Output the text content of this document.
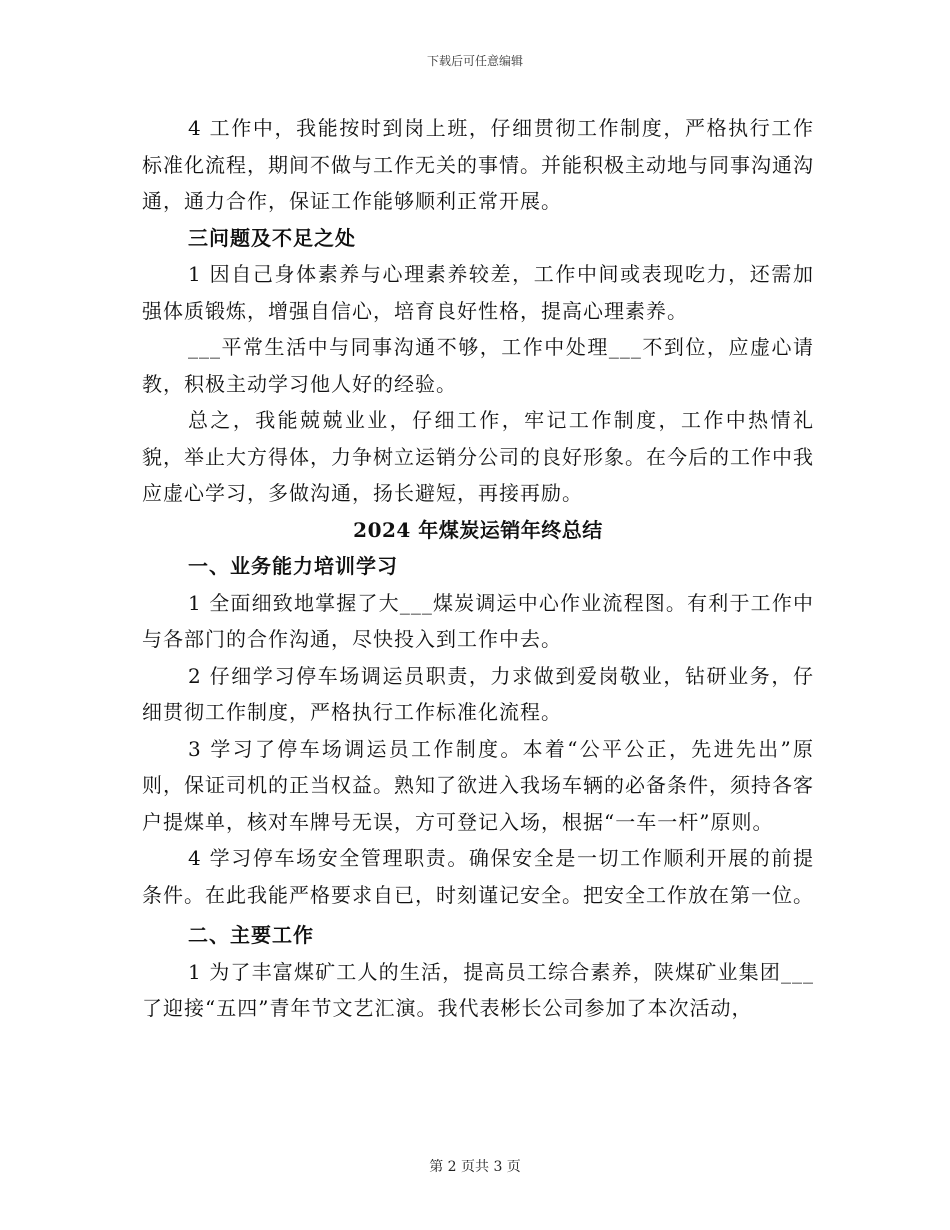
下载后可任意编辑

4 工作中，我能按时到岗上班，仔细贯彻工作制度，严格执行工作标准化流程，期间不做与工作无关的事情。并能积极主动地与同事沟通沟通，通力合作，保证工作能够顺利正常开展。

三问题及不足之处

1 因自己身体素养与心理素养较差，工作中间或表现吃力，还需加强体质锻炼，增强自信心，培育良好性格，提高心理素养。

___平常生活中与同事沟通不够，工作中处理___不到位，应虚心请教，积极主动学习他人好的经验。

总之，我能兢兢业业，仔细工作，牢记工作制度，工作中热情礼貌，举止大方得体，力争树立运销分公司的良好形象。在今后的工作中我应虚心学习，多做沟通，扬长避短，再接再励。

2024 年煤炭运销年终总结

一、业务能力培训学习

1 全面细致地掌握了大___煤炭调运中心作业流程图。有利于工作中与各部门的合作沟通，尽快投入到工作中去。

2 仔细学习停车场调运员职责，力求做到爱岗敬业，钻研业务，仔细贯彻工作制度，严格执行工作标准化流程。

3 学习了停车场调运员工作制度。本着“公平公正，先进先出”原则，保证司机的正当权益。熟知了欲进入我场车辆的必备条件，须持各客户提煤单，核对车牌号无误，方可登记入场，根据“一车一杆”原则。

4 学习停车场安全管理职责。确保安全是一切工作顺利开展的前提条件。在此我能严格要求自已，时刻谨记安全。把安全工作放在第一位。

二、主要工作

1 为了丰富煤矿工人的生活，提高员工综合素养，陕煤矿业集团___了迎接“五四”青年节文艺汇演。我代表彬长公司参加了本次活动，

第 2 页共 3 页
